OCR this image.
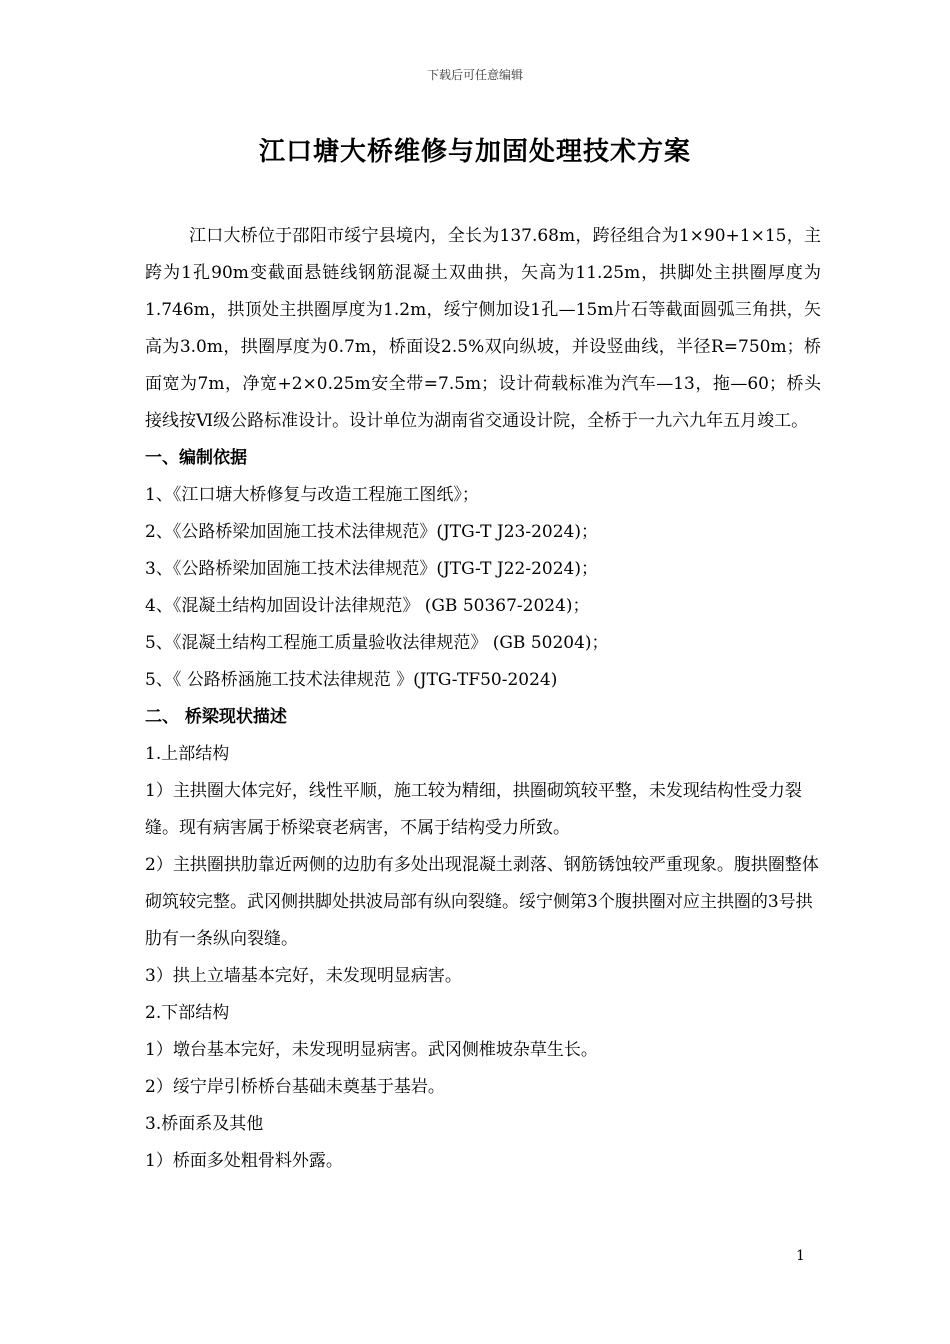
下载后可任意编辑
江口塘大桥维修与加固处理技术方案

江口大桥位于邵阳市绥宁县境内，全长为137.68m，跨径组合为1×90+1×15，主跨为1孔90m变截面悬链线钢筋混凝土双曲拱，矢高为11.25m，拱脚处主拱圈厚度为1.746m，拱顶处主拱圈厚度为1.2m，绥宁侧加设1孔—15m片石等截面圆弧三角拱，矢高为3.0m，拱圈厚度为0.7m，桥面设2.5%双向纵坡，并设竖曲线，半径R=750m；桥面宽为7m，净宽+2×0.25m安全带=7.5m；设计荷载标准为汽车—13，拖—60；桥头接线按Ⅵ级公路标准设计。设计单位为湖南省交通设计院，全桥于一九六九年五月竣工。

一、编制依据

1、《江口塘大桥修复与改造工程施工图纸》；

2、《公路桥梁加固施工技术法律规范》(JTG-T J23-2024)；

3、《公路桥梁加固施工技术法律规范》(JTG-T J22-2024)；

4、《混凝土结构加固设计法律规范》 (GB 50367-2024)；

5、《混凝土结构工程施工质量验收法律规范》 (GB 50204)；

5、《 公路桥涵施工技术法律规范 》(JTG-TF50-2024)

二、 桥梁现状描述

1.上部结构

1）主拱圈大体完好，线性平顺，施工较为精细，拱圈砌筑较平整，未发现结构性受力裂缝。现有病害属于桥梁衰老病害，不属于结构受力所致。

2）主拱圈拱肋靠近两侧的边肋有多处出现混凝土剥落、钢筋锈蚀较严重现象。腹拱圈整体砌筑较完整。武冈侧拱脚处拱波局部有纵向裂缝。绥宁侧第3个腹拱圈对应主拱圈的3号拱肋有一条纵向裂缝。

3）拱上立墙基本完好，未发现明显病害。

2.下部结构

1）墩台基本完好，未发现明显病害。武冈侧椎坡杂草生长。

2）绥宁岸引桥桥台基础未奠基于基岩。

3.桥面系及其他

1）桥面多处粗骨料外露。

1
